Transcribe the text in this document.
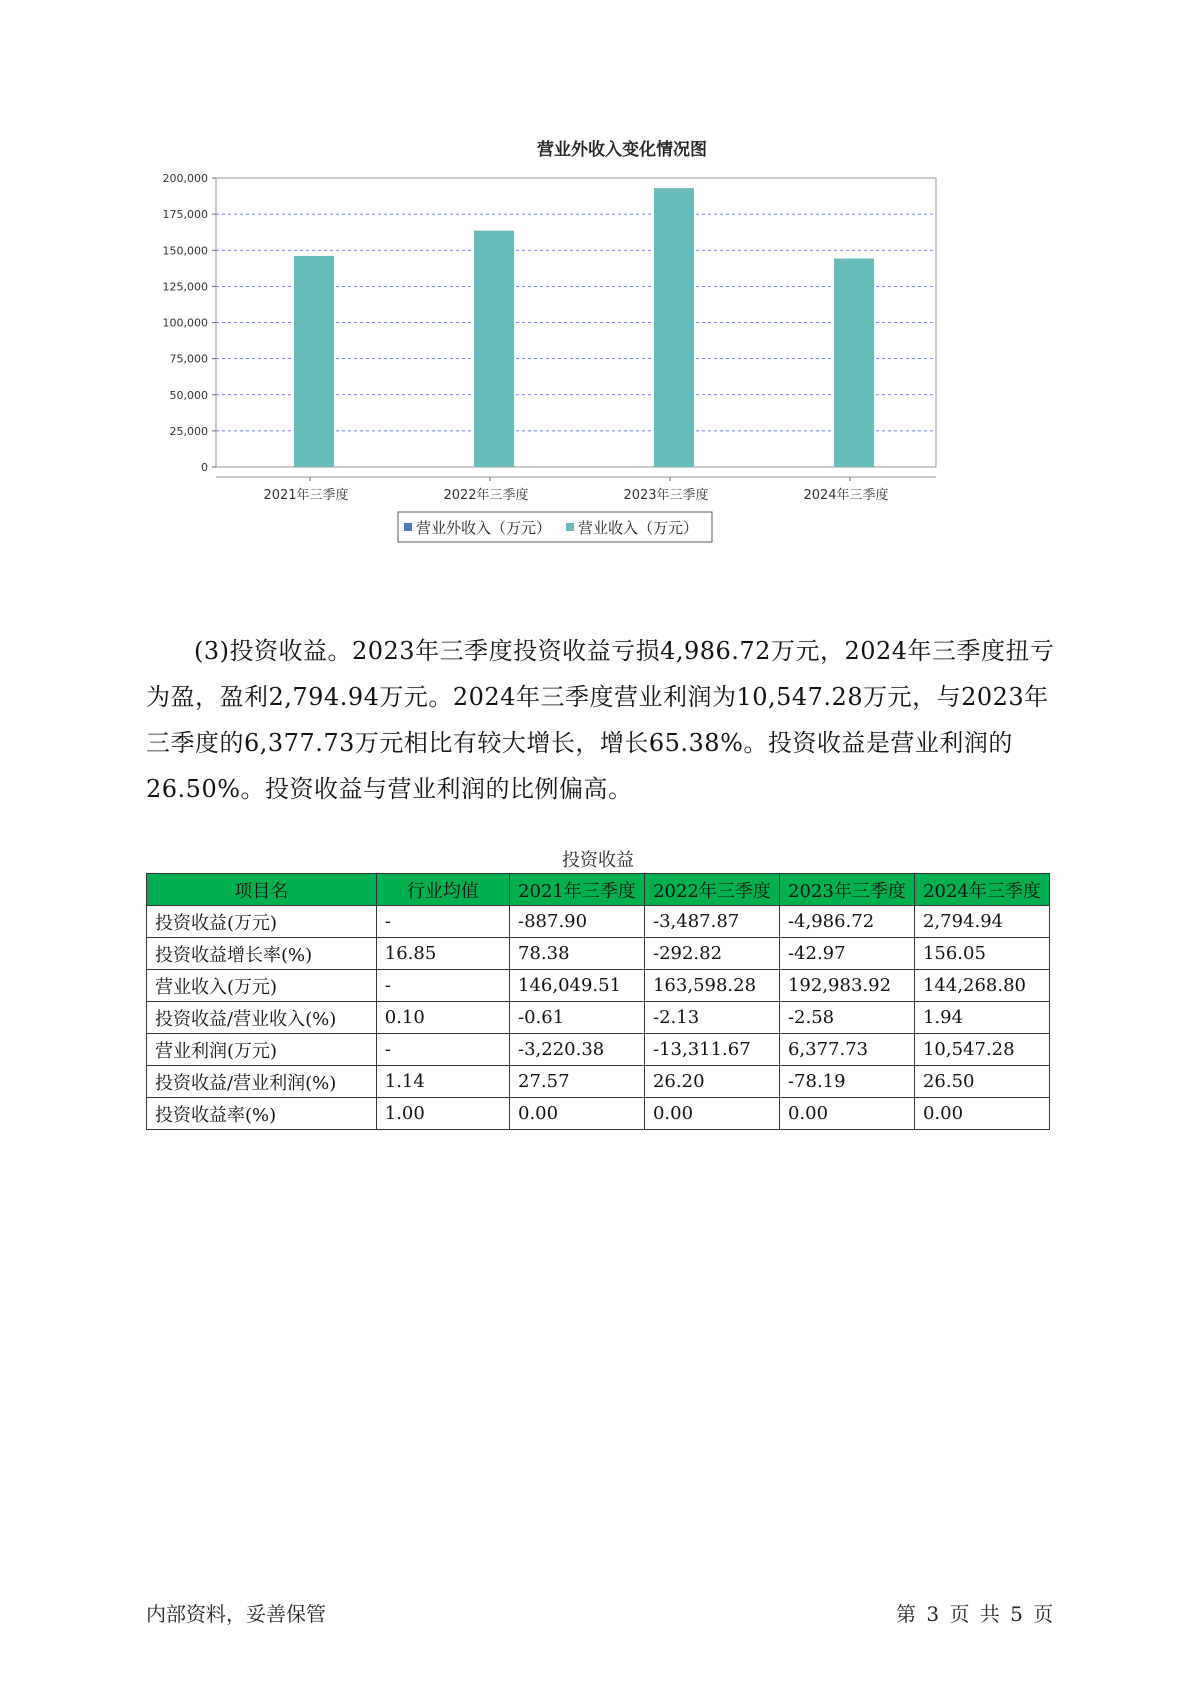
营业外收入变化情况图
0
25,000
50,000
75,000
100,000
125,000
150,000
175,000
200,000
2021年三季度	2022年三季度	2023年三季度	2024年三季度
营业外收入（万元） 营业收入（万元）

(3)投资收益。2023年三季度投资收益亏损4,986.72万元，2024年三季度扭亏为盈，盈利2,794.94万元。2024年三季度营业利润为10,547.28万元，与2023年三季度的6,377.73万元相比有较大增长，增长65.38%。投资收益是营业利润的26.50%。投资收益与营业利润的比例偏高。

投资收益
项目名	行业均值	2021年三季度	2022年三季度	2023年三季度	2024年三季度
投资收益(万元)	-	-887.90	-3,487.87	-4,986.72	2,794.94
投资收益增长率(%)	16.85	78.38	-292.82	-42.97	156.05
营业收入(万元)	-	146,049.51	163,598.28	192,983.92	144,268.80
投资收益/营业收入(%)	0.10	-0.61	-2.13	-2.58	1.94
营业利润(万元)	-	-3,220.38	-13,311.67	6,377.73	10,547.28
投资收益/营业利润(%)	1.14	27.57	26.20	-78.19	26.50
投资收益率(%)	1.00	0.00	0.00	0.00	0.00
内部资料，妥善保管	第 3 页 共 5 页
